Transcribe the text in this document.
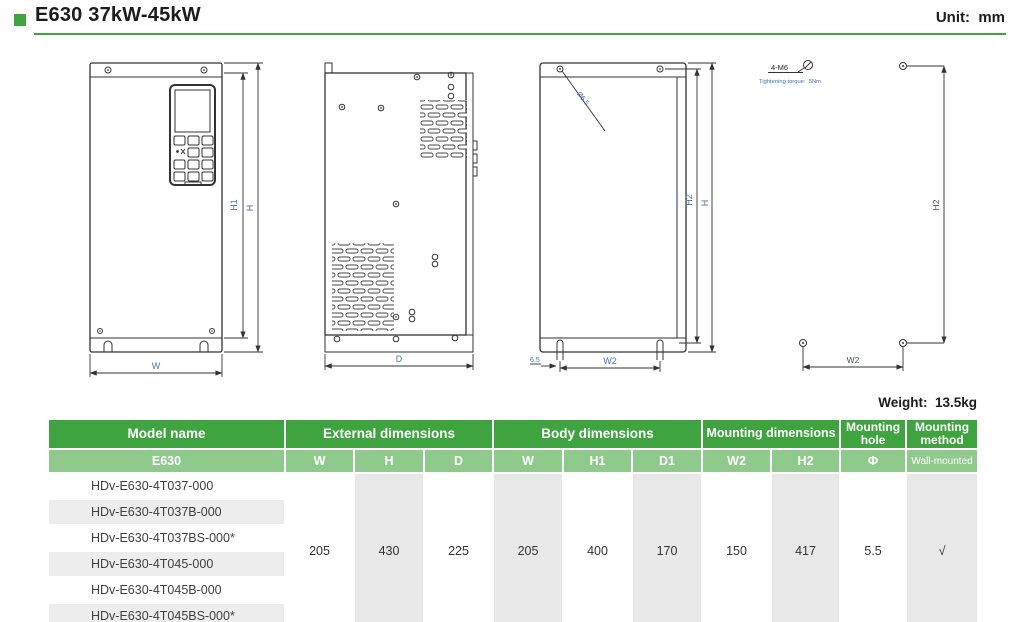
E630 37kW-45kW	Unit:  mm
H1 H
W
D
Ø6.5
6.5	W2
H2 H
4-M6
Tightening torque:  5Nm
H2
W2
Weight:  13.5kg
Model name	External dimensions			Body dimensions			Mounting dimensions		Mounting hole	Mounting method
E630	W	H	D	W	H1	D1	W2	H2	Φ	Wall-mounted
HDv-E630-4T037-000	205	430	225	205	400	170	150	417	5.5	√
HDv-E630-4T037B-000										
HDv-E630-4T037BS-000*										
HDv-E630-4T045-000										
HDv-E630-4T045B-000										
HDv-E630-4T045BS-000*										
